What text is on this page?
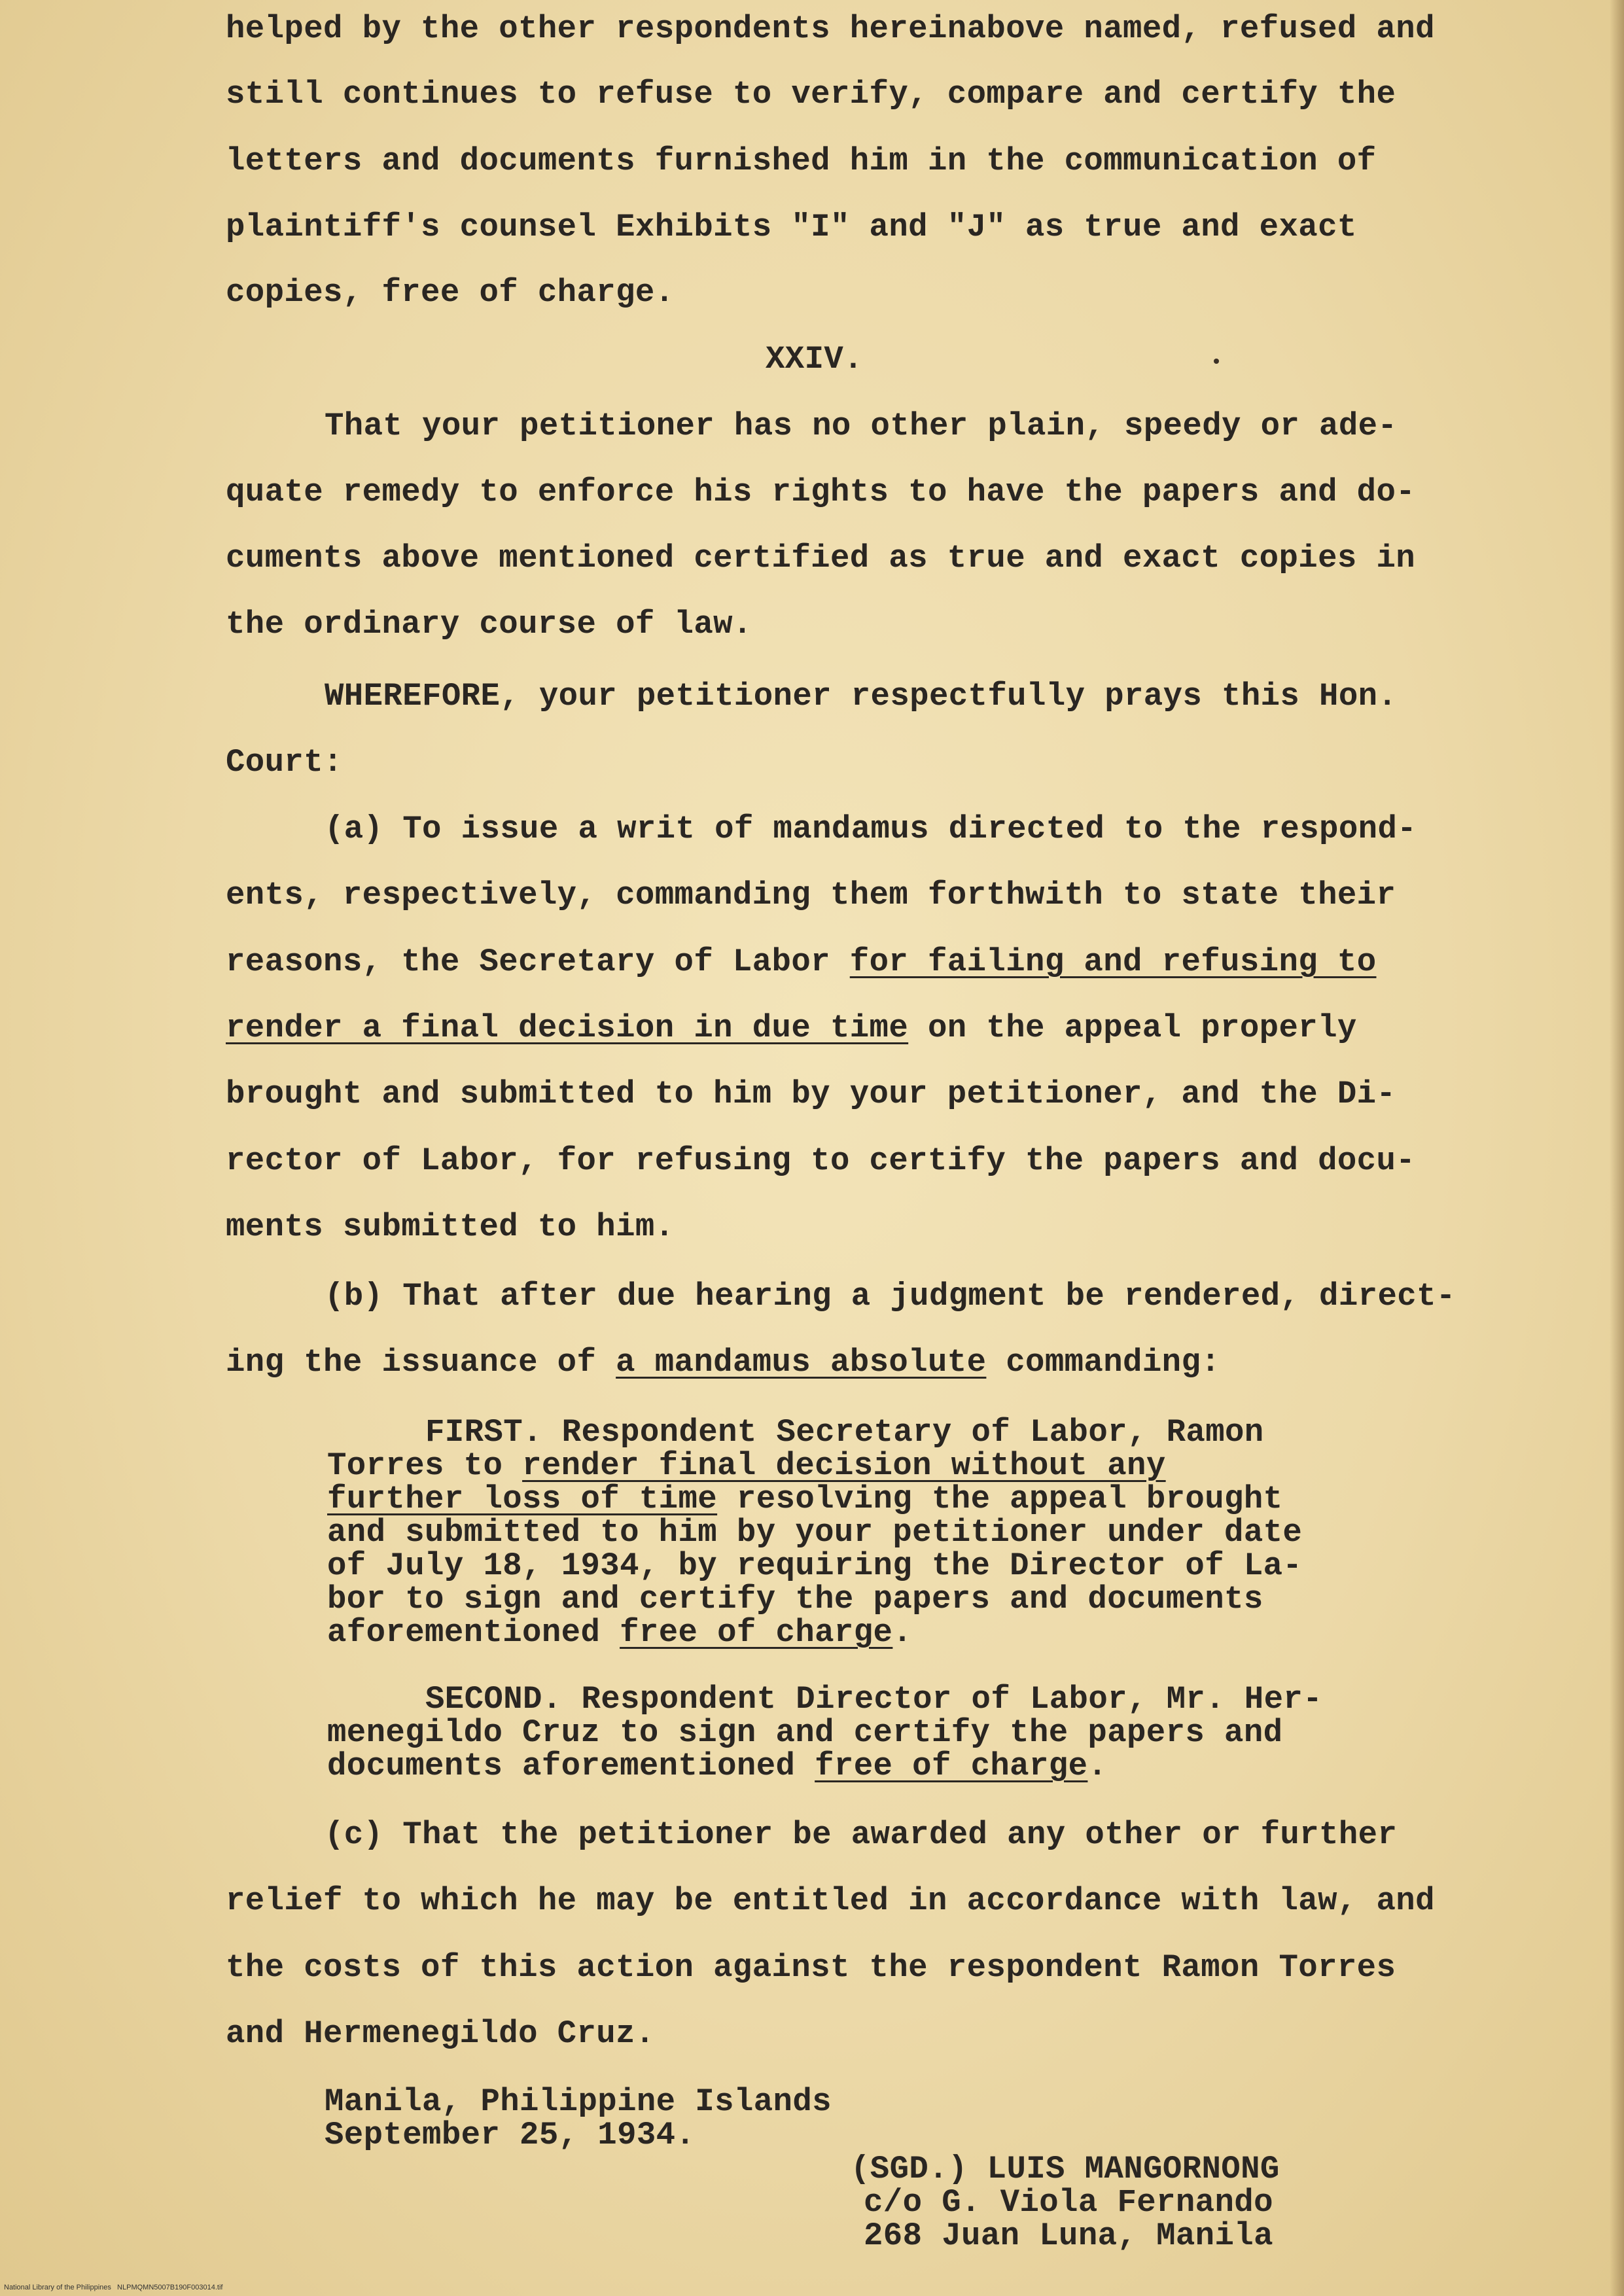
helped by the other respondents hereinabove named, refused and
still continues to refuse to verify, compare and certify the
letters and documents furnished him in the communication of
plaintiff's counsel Exhibits "I" and "J" as true and exact
copies, free of charge.
XXIV.
That your petitioner has no other plain, speedy or ade-
quate remedy to enforce his rights to have the papers and do-
cuments above mentioned certified as true and exact copies in
the ordinary course of law.
WHEREFORE, your petitioner respectfully prays this Hon.
Court:
(a) To issue a writ of mandamus directed to the respond-
ents, respectively, commanding them forthwith to state their
reasons, the Secretary of Labor for failing and refusing to
render a final decision in due time on the appeal properly
brought and submitted to him by your petitioner, and the Di-
rector of Labor, for refusing to certify the papers and docu-
ments submitted to him.
(b) That after due hearing a judgment be rendered, direct-
ing the issuance of a mandamus absolute commanding:
FIRST. Respondent Secretary of Labor, Ramon
Torres to render final decision without any
further loss of time resolving the appeal brought
and submitted to him by your petitioner under date
of July 18, 1934, by requiring the Director of La-
bor to sign and certify the papers and documents
aforementioned free of charge.
SECOND. Respondent Director of Labor, Mr. Her-
menegildo Cruz to sign and certify the papers and
documents aforementioned free of charge.
(c) That the petitioner be awarded any other or further
relief to which he may be entitled in accordance with law, and
the costs of this action against the respondent Ramon Torres
and Hermenegildo Cruz.
Manila, Philippine Islands
September 25, 1934.
(SGD.) LUIS MANGORNONG
c/o G. Viola Fernando
268 Juan Luna, Manila
National Library of the Philippines   NLPMQMN5007B190F003014.tif
